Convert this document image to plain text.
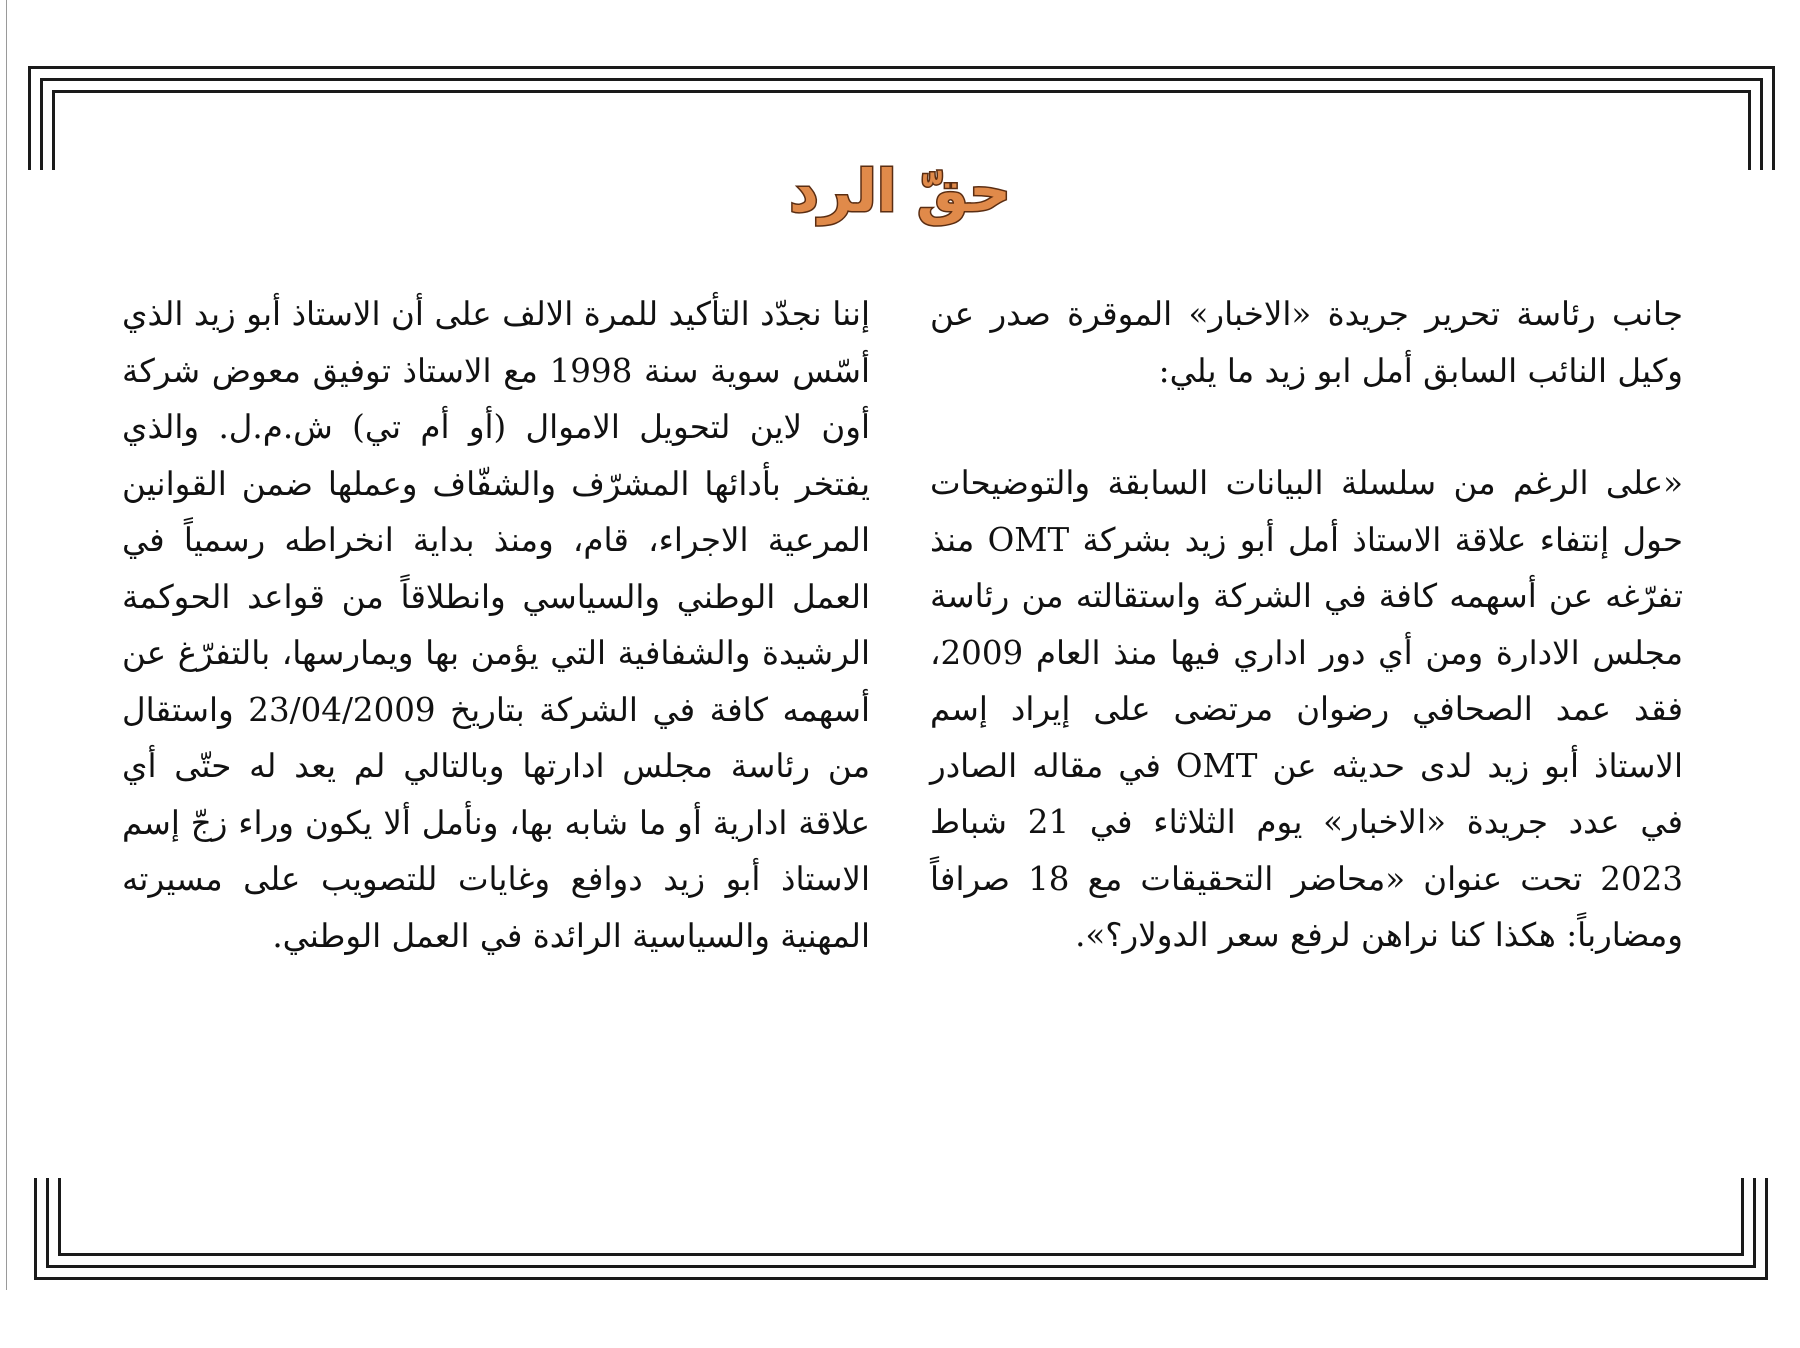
حقّ الرد

جانب رئاسة تحرير جريدة «الاخبار» الموقرة صدر عن وكيل النائب السابق أمل ابو زيد ما يلي:

«على الرغم من سلسلة البيانات السابقة والتوضيحات حول إنتفاء علاقة الاستاذ أمل أبو زيد بشركة OMT منذ تفرّغه عن أسهمه كافة في الشركة واستقالته من رئاسة مجلس الادارة ومن أي دور اداري فيها منذ العام 2009، فقد عمد الصحافي رضوان مرتضى على إيراد إسم الاستاذ أبو زيد لدى حديثه عن OMT في مقاله الصادر في عدد جريدة «الاخبار» يوم الثلاثاء في 21 شباط 2023 تحت عنوان «محاضر التحقيقات مع 18 صرافاً ومضارباً: هكذا كنا نراهن لرفع سعر الدولار؟».

إننا نجدّد التأكيد للمرة الالف على أن الاستاذ أبو زيد الذي أسّس سوية سنة 1998 مع الاستاذ توفيق معوض شركة أون لاين لتحويل الاموال (أو أم تي) ش.م.ل. والذي يفتخر بأدائها المشرّف والشفّاف وعملها ضمن القوانين المرعية الاجراء، قام، ومنذ بداية انخراطه رسمياً في العمل الوطني والسياسي وانطلاقاً من قواعد الحوكمة الرشيدة والشفافية التي يؤمن بها ويمارسها، بالتفرّغ عن أسهمه كافة في الشركة بتاريخ 23/04/2009 واستقال من رئاسة مجلس ادارتها وبالتالي لم يعد له حتّى أي علاقة ادارية أو ما شابه بها، ونأمل ألا يكون وراء زجّ إسم الاستاذ أبو زيد دوافع وغايات للتصويب على مسيرته المهنية والسياسية الرائدة في العمل الوطني.
